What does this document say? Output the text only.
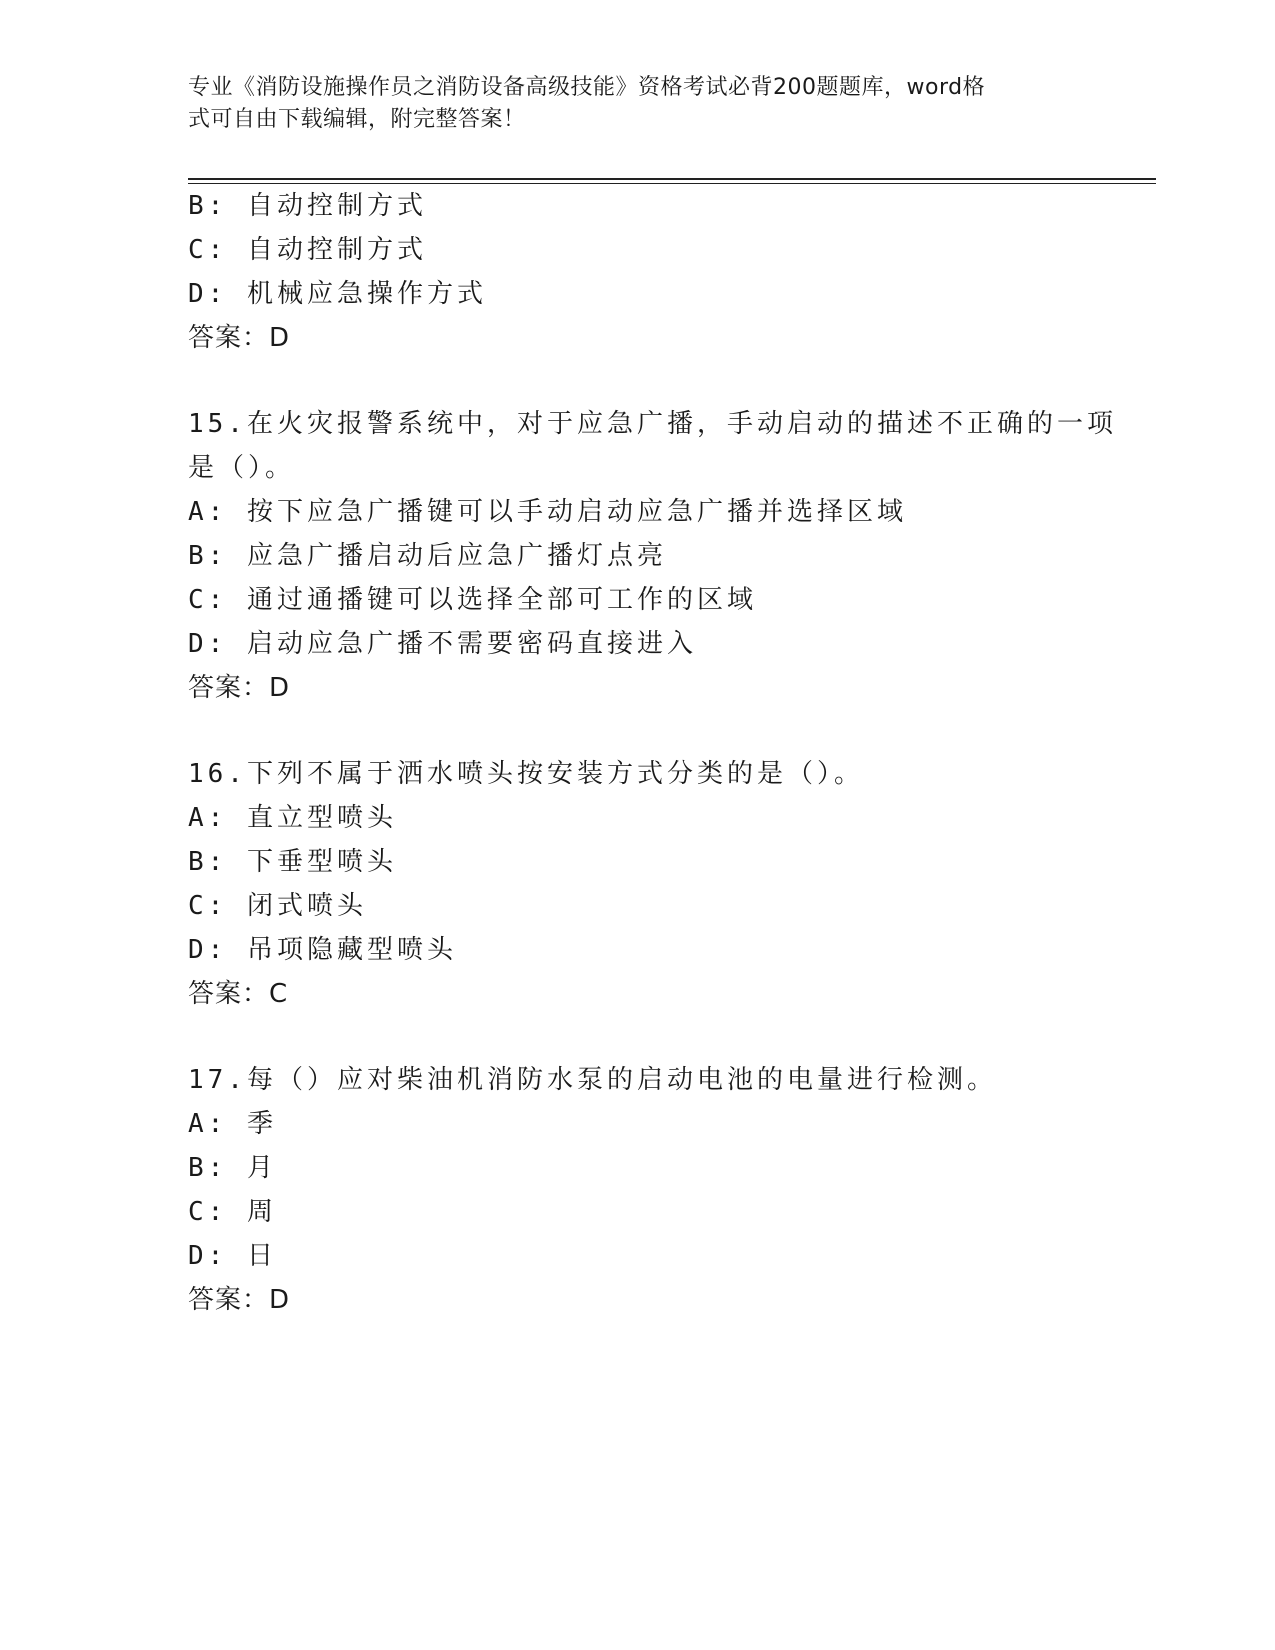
专业《消防设施操作员之消防设备高级技能》资格考试必背200题题库，word格
式可自由下载编辑，附完整答案！
B: 自动控制方式
C: 自动控制方式
D: 机械应急操作方式
答案：D
15.在火灾报警系统中，对于应急广播，手动启动的描述不正确的一项
是（）。
A: 按下应急广播键可以手动启动应急广播并选择区域
B: 应急广播启动后应急广播灯点亮
C: 通过通播键可以选择全部可工作的区域
D: 启动应急广播不需要密码直接进入
答案：D
16.下列不属于洒水喷头按安装方式分类的是（）。
A: 直立型喷头
B: 下垂型喷头
C: 闭式喷头
D: 吊项隐藏型喷头
答案：C
17.每（）应对柴油机消防水泵的启动电池的电量进行检测。
A: 季
B: 月
C: 周
D: 日
答案：D
